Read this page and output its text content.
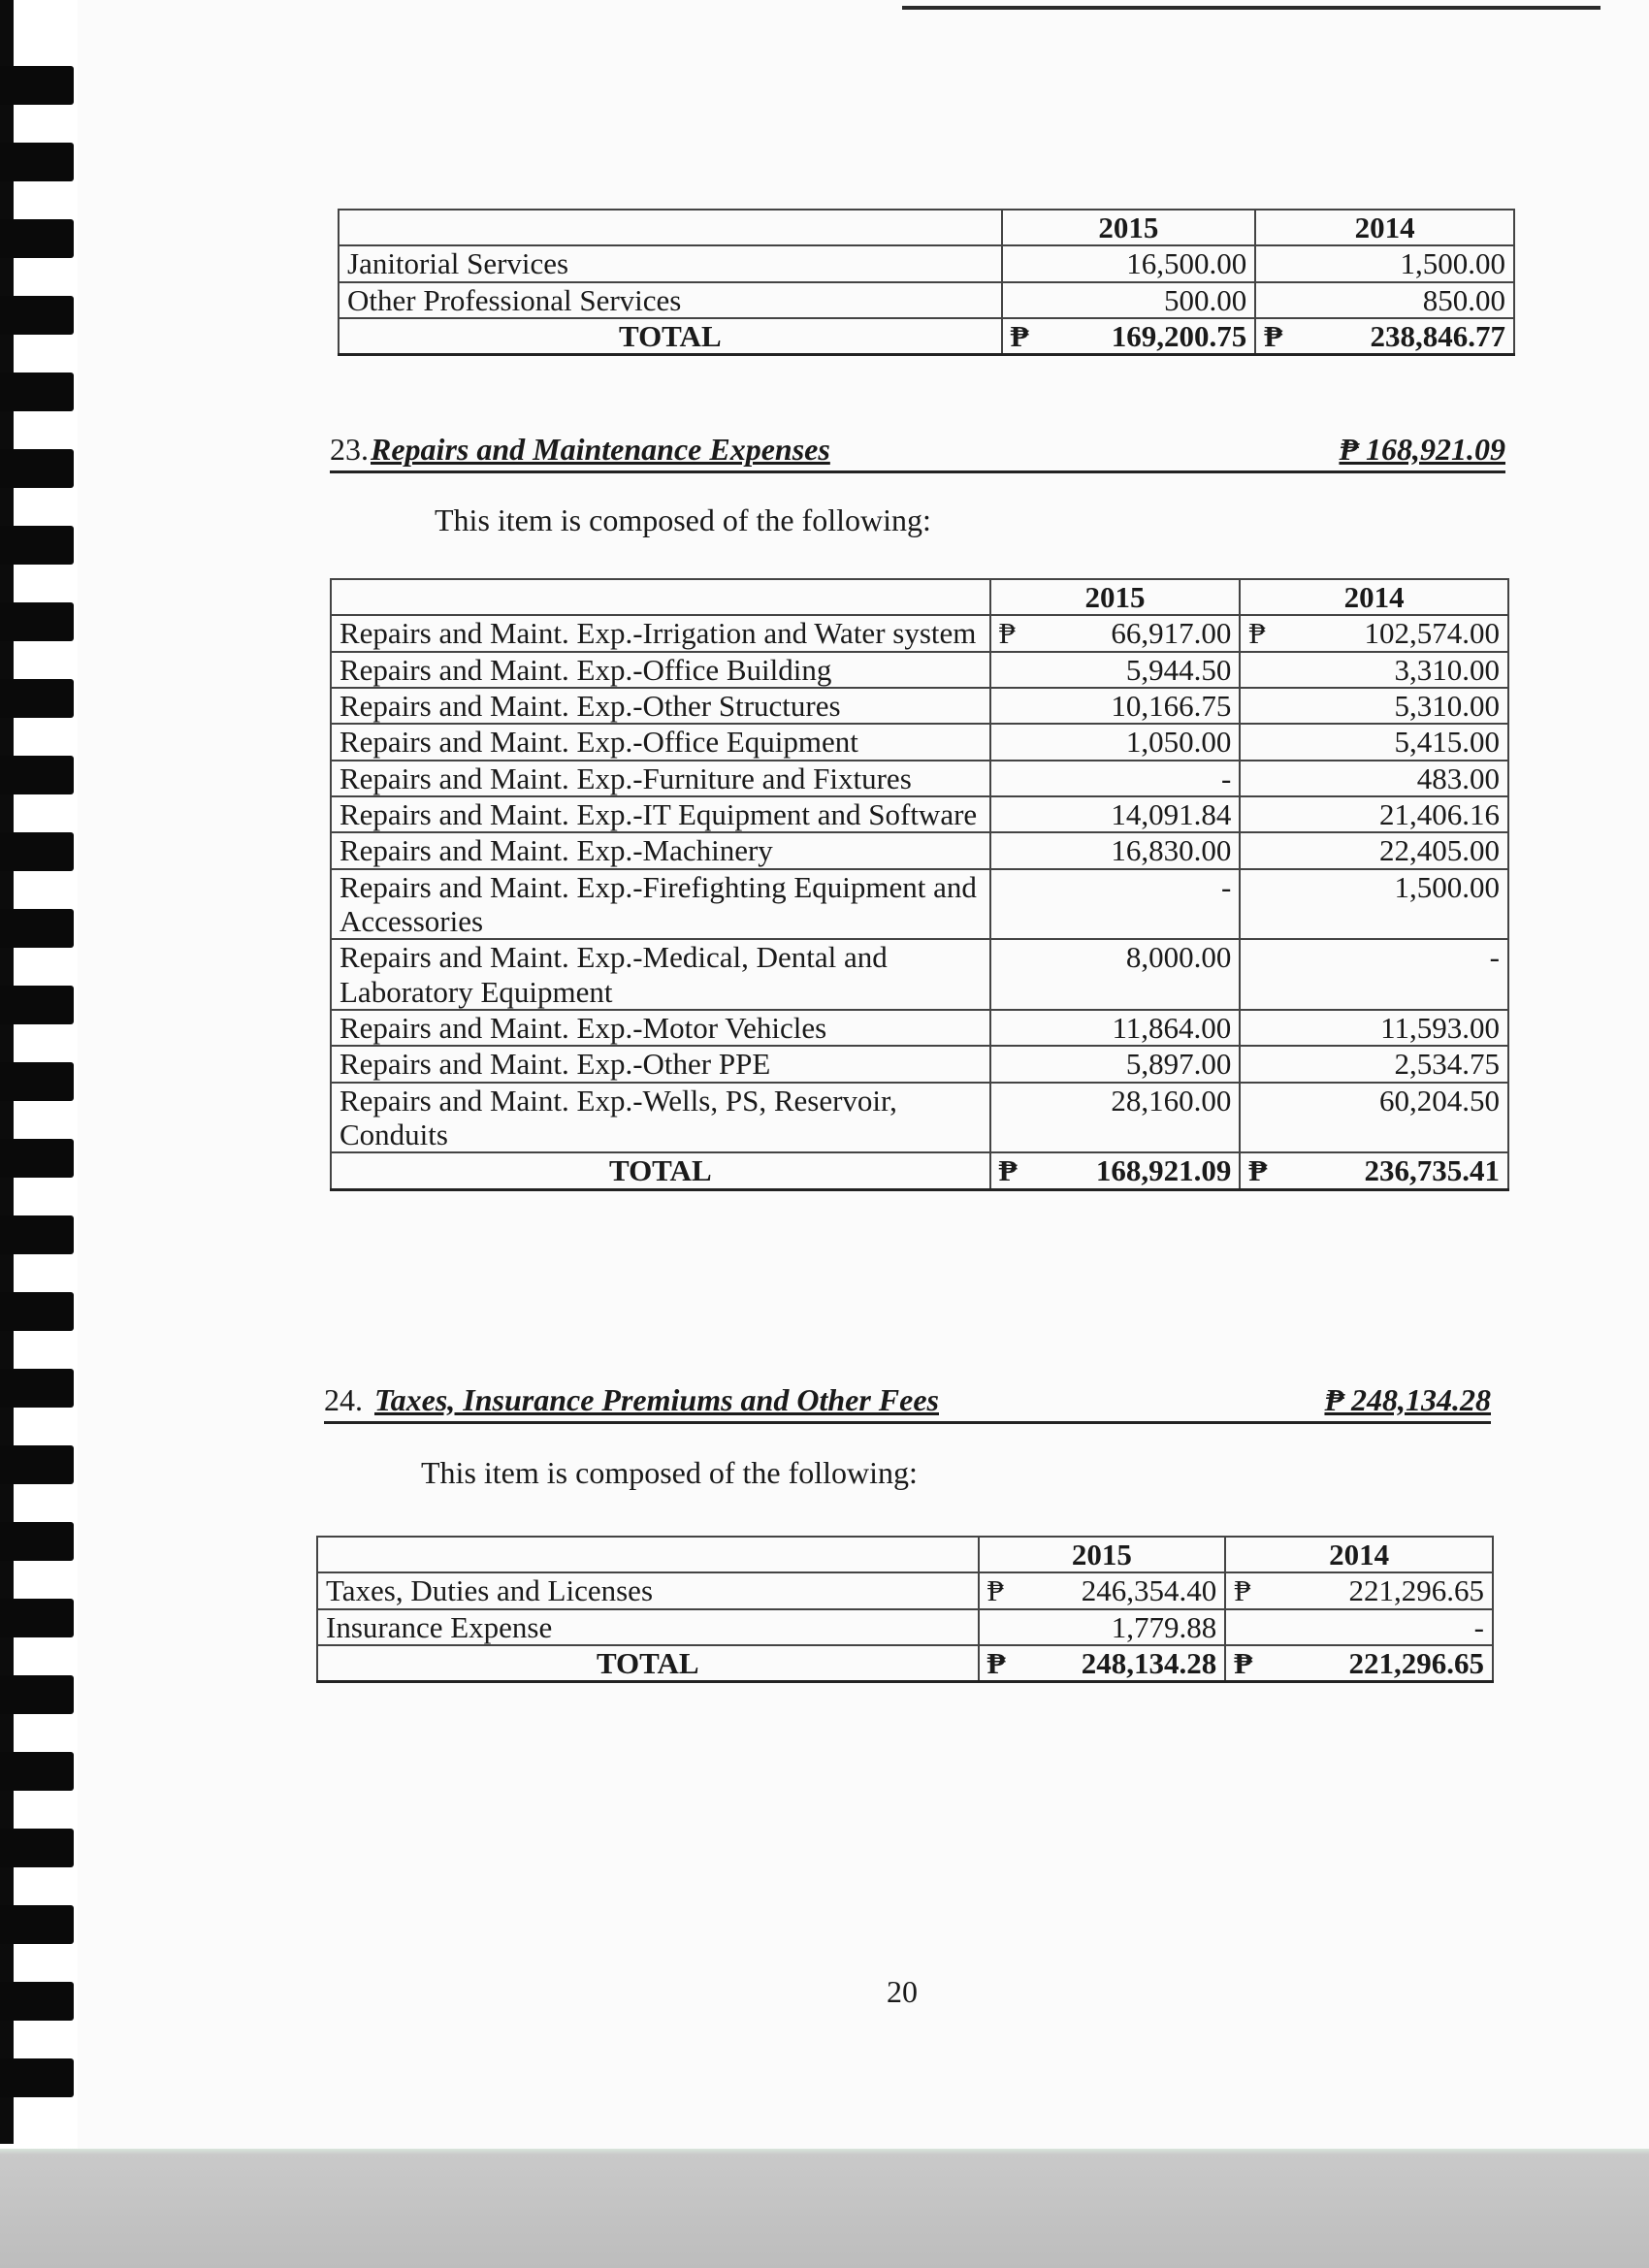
	2015	2014
Janitorial Services	16,500.00	1,500.00
Other Professional Services	500.00	850.00
TOTAL	₱ 169,200.75	₱ 238,846.77
23. Repairs and Maintenance Expenses	₱ 168,921.09
This item is composed of the following:
	2015	2014
Repairs and Maint. Exp.-Irrigation and Water system	₱ 66,917.00	₱ 102,574.00
Repairs and Maint. Exp.-Office Building	5,944.50	3,310.00
Repairs and Maint. Exp.-Other Structures	10,166.75	5,310.00
Repairs and Maint. Exp.-Office Equipment	1,050.00	5,415.00
Repairs and Maint. Exp.-Furniture and Fixtures	-	483.00
Repairs and Maint. Exp.-IT Equipment and Software	14,091.84	21,406.16
Repairs and Maint. Exp.-Machinery	16,830.00	22,405.00
Repairs and Maint. Exp.-Firefighting Equipment and Accessories	-	1,500.00
Repairs and Maint. Exp.-Medical, Dental and Laboratory Equipment	8,000.00	-
Repairs and Maint. Exp.-Motor Vehicles	11,864.00	11,593.00
Repairs and Maint. Exp.-Other PPE	5,897.00	2,534.75
Repairs and Maint. Exp.-Wells, PS, Reservoir, Conduits	28,160.00	60,204.50
TOTAL	₱ 168,921.09	₱ 236,735.41
24. Taxes, Insurance Premiums and Other Fees	₱ 248,134.28
This item is composed of the following:
	2015	2014
Taxes, Duties and Licenses	₱ 246,354.40	₱ 221,296.65
Insurance Expense	1,779.88	-
TOTAL	₱ 248,134.28	₱ 221,296.65
20
